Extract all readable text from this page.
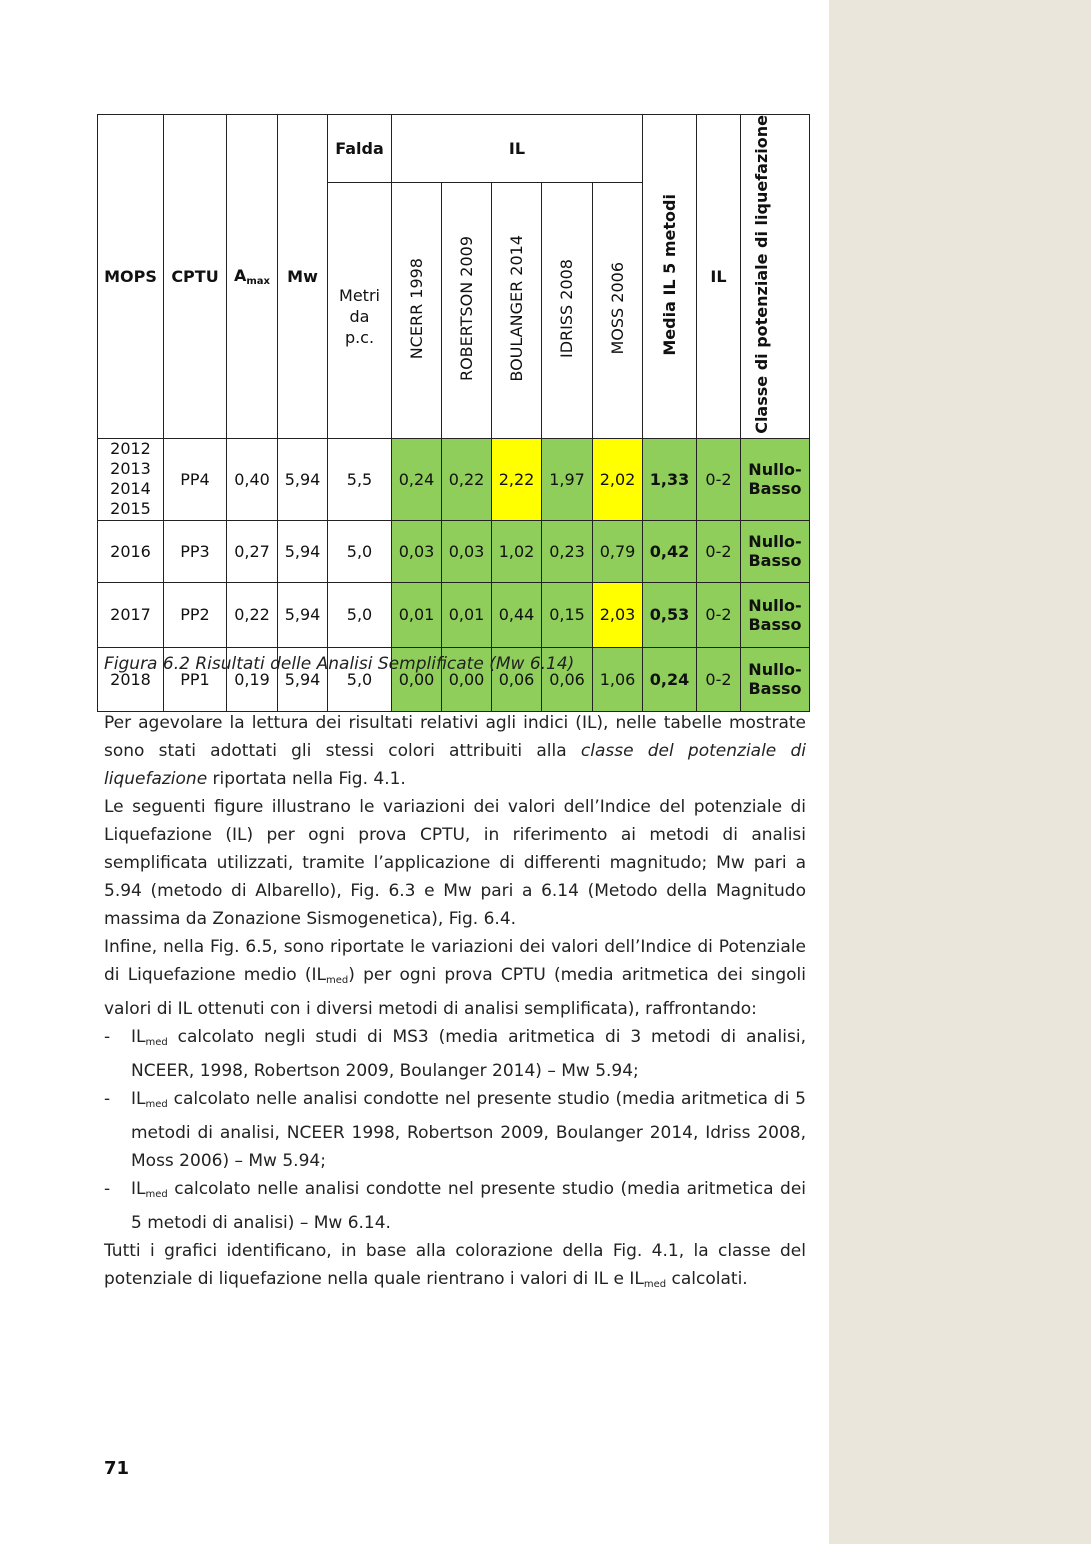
MOPS	CPTU	$A_{max}$	Mw	Falda	IL					Media IL 5 metodi	IL	Classe di potenziale di liquefazione

				Metri da p.c.	NCERR 1998	ROBERTSON 2009	BOULANGER 2014	IDRISS 2008	MOSS 2006			

2012
2013
2014
2015	PP4	0,40	5,94	5,5	0,24	0,22	2,22	1,97	2,02	1,33	0-2	Nullo-Basso
2016	PP3	0,27	5,94	5,0	0,03	0,03	1,02	0,23	0,79	0,42	0-2	Nullo-Basso
2017	PP2	0,22	5,94	5,0	0,01	0,01	0,44	0,15	2,03	0,53	0-2	Nullo-Basso
2018	PP1	0,19	5,94	5,0	0,00	0,00	0,06	0,06	1,06	0,24	0-2	Nullo-Basso

Figura 6.2 Risultati delle Analisi Semplificate (Mw 6.14)

Per agevolare la lettura dei risultati relativi agli indici (IL), nelle tabelle mostrate sono stati adottati gli stessi colori attribuiti alla classe del potenziale di liquefazione riportata nella Fig. 4.1.

Le seguenti figure illustrano le variazioni dei valori dell’Indice del potenziale di Liquefazione (IL) per ogni prova CPTU, in riferimento ai metodi di analisi semplificata utilizzati, tramite l’applicazione di differenti magnitudo; Mw pari a 5.94 (metodo di Albarello), Fig. 6.3 e Mw pari a 6.14 (Metodo della Magnitudo massima da Zonazione Sismogenetica), Fig. 6.4.

Infine, nella Fig. 6.5, sono riportate le variazioni dei valori dell’Indice di Potenziale di Liquefazione medio $(IL_{med})$ per ogni prova CPTU (media aritmetica dei singoli valori di IL ottenuti con i diversi metodi di analisi semplificata), raffrontando:

- $IL_{med}$ calcolato negli studi di MS3 (media aritmetica di 3 metodi di analisi, NCEER, 1998, Robertson 2009, Boulanger 2014) – Mw 5.94;

- $IL_{med}$ calcolato nelle analisi condotte nel presente studio (media aritmetica di 5 metodi di analisi, NCEER 1998, Robertson 2009, Boulanger 2014, Idriss 2008, Moss 2006) – Mw 5.94;

- $IL_{med}$ calcolato nelle analisi condotte nel presente studio (media aritmetica dei 5 metodi di analisi) – Mw 6.14.

Tutti i grafici identificano, in base alla colorazione della Fig. 4.1, la classe del potenziale di liquefazione nella quale rientrano i valori di IL e $IL_{med}$ calcolati.

71
